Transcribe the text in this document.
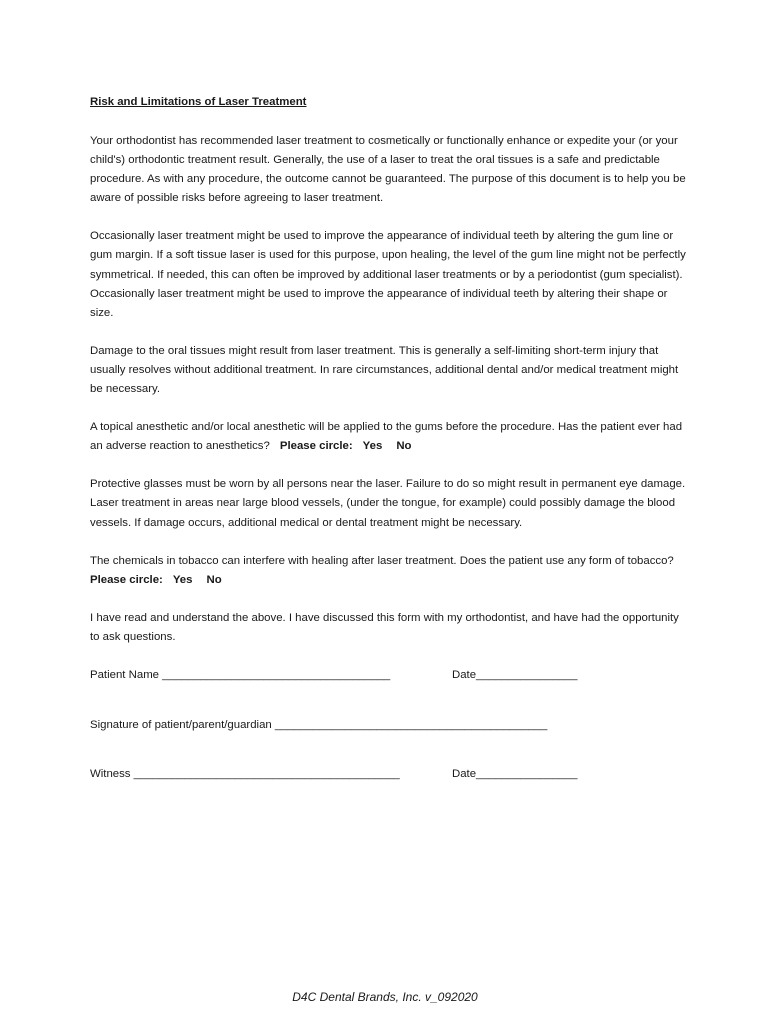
Risk and Limitations of Laser Treatment

Your orthodontist has recommended laser treatment to cosmetically or functionally enhance or expedite your (or your child's) orthodontic treatment result. Generally, the use of a laser to treat the oral tissues is a safe and predictable procedure. As with any procedure, the outcome cannot be guaranteed. The purpose of this document is to help you be aware of possible risks before agreeing to laser treatment.

Occasionally laser treatment might be used to improve the appearance of individual teeth by altering the gum line or gum margin. If a soft tissue laser is used for this purpose, upon healing, the level of the gum line might not be perfectly symmetrical. If needed, this can often be improved by additional laser treatments or by a periodontist (gum specialist). Occasionally laser treatment might be used to improve the appearance of individual teeth by altering their shape or size.

Damage to the oral tissues might result from laser treatment. This is generally a self-limiting short-term injury that usually resolves without additional treatment. In rare circumstances, additional dental and/or medical treatment might be necessary.

A topical anesthetic and/or local anesthetic will be applied to the gums before the procedure. Has the patient ever had an adverse reaction to anesthetics? Please circle: Yes No

Protective glasses must be worn by all persons near the laser. Failure to do so might result in permanent eye damage. Laser treatment in areas near large blood vessels, (under the tongue, for example) could possibly damage the blood vessels. If damage occurs, additional medical or dental treatment might be necessary.

The chemicals in tobacco can interfere with healing after laser treatment. Does the patient use any form of tobacco?Please circle: Yes No

I have read and understand the above. I have discussed this form with my orthodontist, and have had the opportunity to ask questions.

Patient Name ____________________________________	Date________________
Signature of patient/parent/guardian ___________________________________________
Witness __________________________________________	Date________________
D4C Dental Brands, Inc. v_092020
